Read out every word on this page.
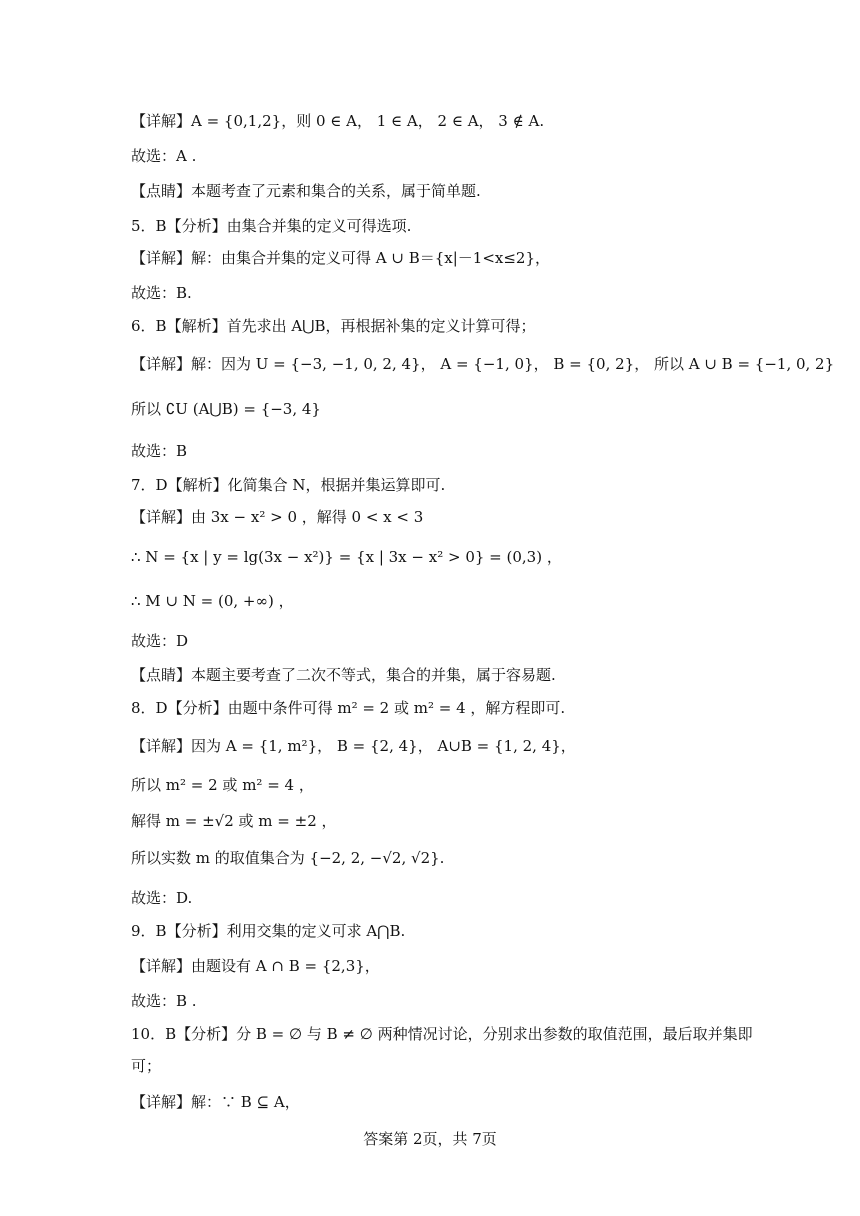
【详解】A = {0,1,2}，则 0 ∈ A， 1 ∈ A， 2 ∈ A， 3 ∉ A.
故选：A .
【点睛】本题考查了元素和集合的关系，属于简单题.
5．B【分析】由集合并集的定义可得选项.
【详解】解：由集合并集的定义可得 A ∪ B＝{x|－1<x≤2}，
故选：B.
6．B【解析】首先求出 A⋃B，再根据补集的定义计算可得；
【详解】解：因为 U = {−3, −1, 0, 2, 4}， A = {−1, 0}， B = {0, 2}， 所以 A ∪ B = {−1, 0, 2}
所以 ∁U (A⋃B) = {−3, 4}
故选：B
7．D【解析】化简集合 N，根据并集运算即可.
【详解】由 3x − x² > 0 ，解得 0 < x < 3
∴ N = {x | y = lg(3x − x²)} = {x | 3x − x² > 0} = (0,3) ，
∴ M ∪ N = (0, +∞) ，
故选：D
【点睛】本题主要考查了二次不等式，集合的并集，属于容易题.
8．D【分析】由题中条件可得 m² = 2 或 m² = 4 ，解方程即可.
【详解】因为 A = {1, m²}， B = {2, 4}， A∪B = {1, 2, 4}，
所以 m² = 2 或 m² = 4 ，
解得 m = ±√2 或 m = ±2 ，
所以实数 m 的取值集合为 {−2, 2, −√2, √2}.
故选：D.
9．B【分析】利用交集的定义可求 A⋂B.
【详解】由题设有 A ∩ B = {2,3}，
故选：B .
10．B【分析】分 B = ∅ 与 B ≠ ∅ 两种情况讨论，分别求出参数的取值范围，最后取并集即
可；
【详解】解：∵ B ⊆ A，
答案第 2页，共 7页
